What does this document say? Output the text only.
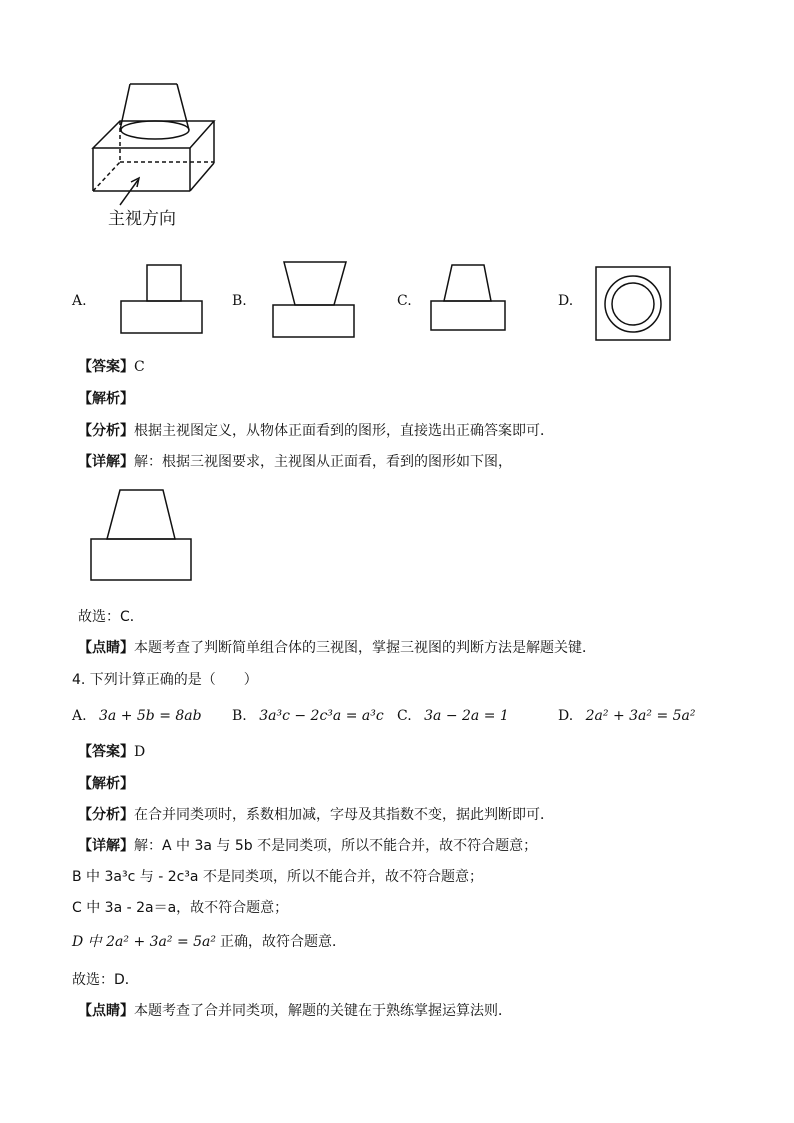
主视方向
A.	B.	C.	D.
【答案】C
【解析】
【分析】根据主视图定义，从物体正面看到的图形，直接选出正确答案即可．
【详解】解：根据三视图要求，主视图从正面看，看到的图形如下图，
故选：C．
【点睛】本题考查了判断简单组合体的三视图，掌握三视图的判断方法是解题关键．
4. 下列计算正确的是（　　）
A. 3a + 5b = 8ab B. 3a³c − 2c³a = a³c C. 3a − 2a = 1	D. 2a² + 3a² = 5a²
【答案】D
【解析】
【分析】在合并同类项时，系数相加减，字母及其指数不变，据此判断即可．
【详解】解：A 中 3a 与 5b 不是同类项，所以不能合并，故不符合题意；
B 中 3a³c 与 - 2c³a 不是同类项，所以不能合并，故不符合题意；
C 中 3a - 2a＝a，故不符合题意；
D 中 2a² + 3a² = 5a² 正确，故符合题意．
故选：D．
【点睛】本题考查了合并同类项，解题的关键在于熟练掌握运算法则．
